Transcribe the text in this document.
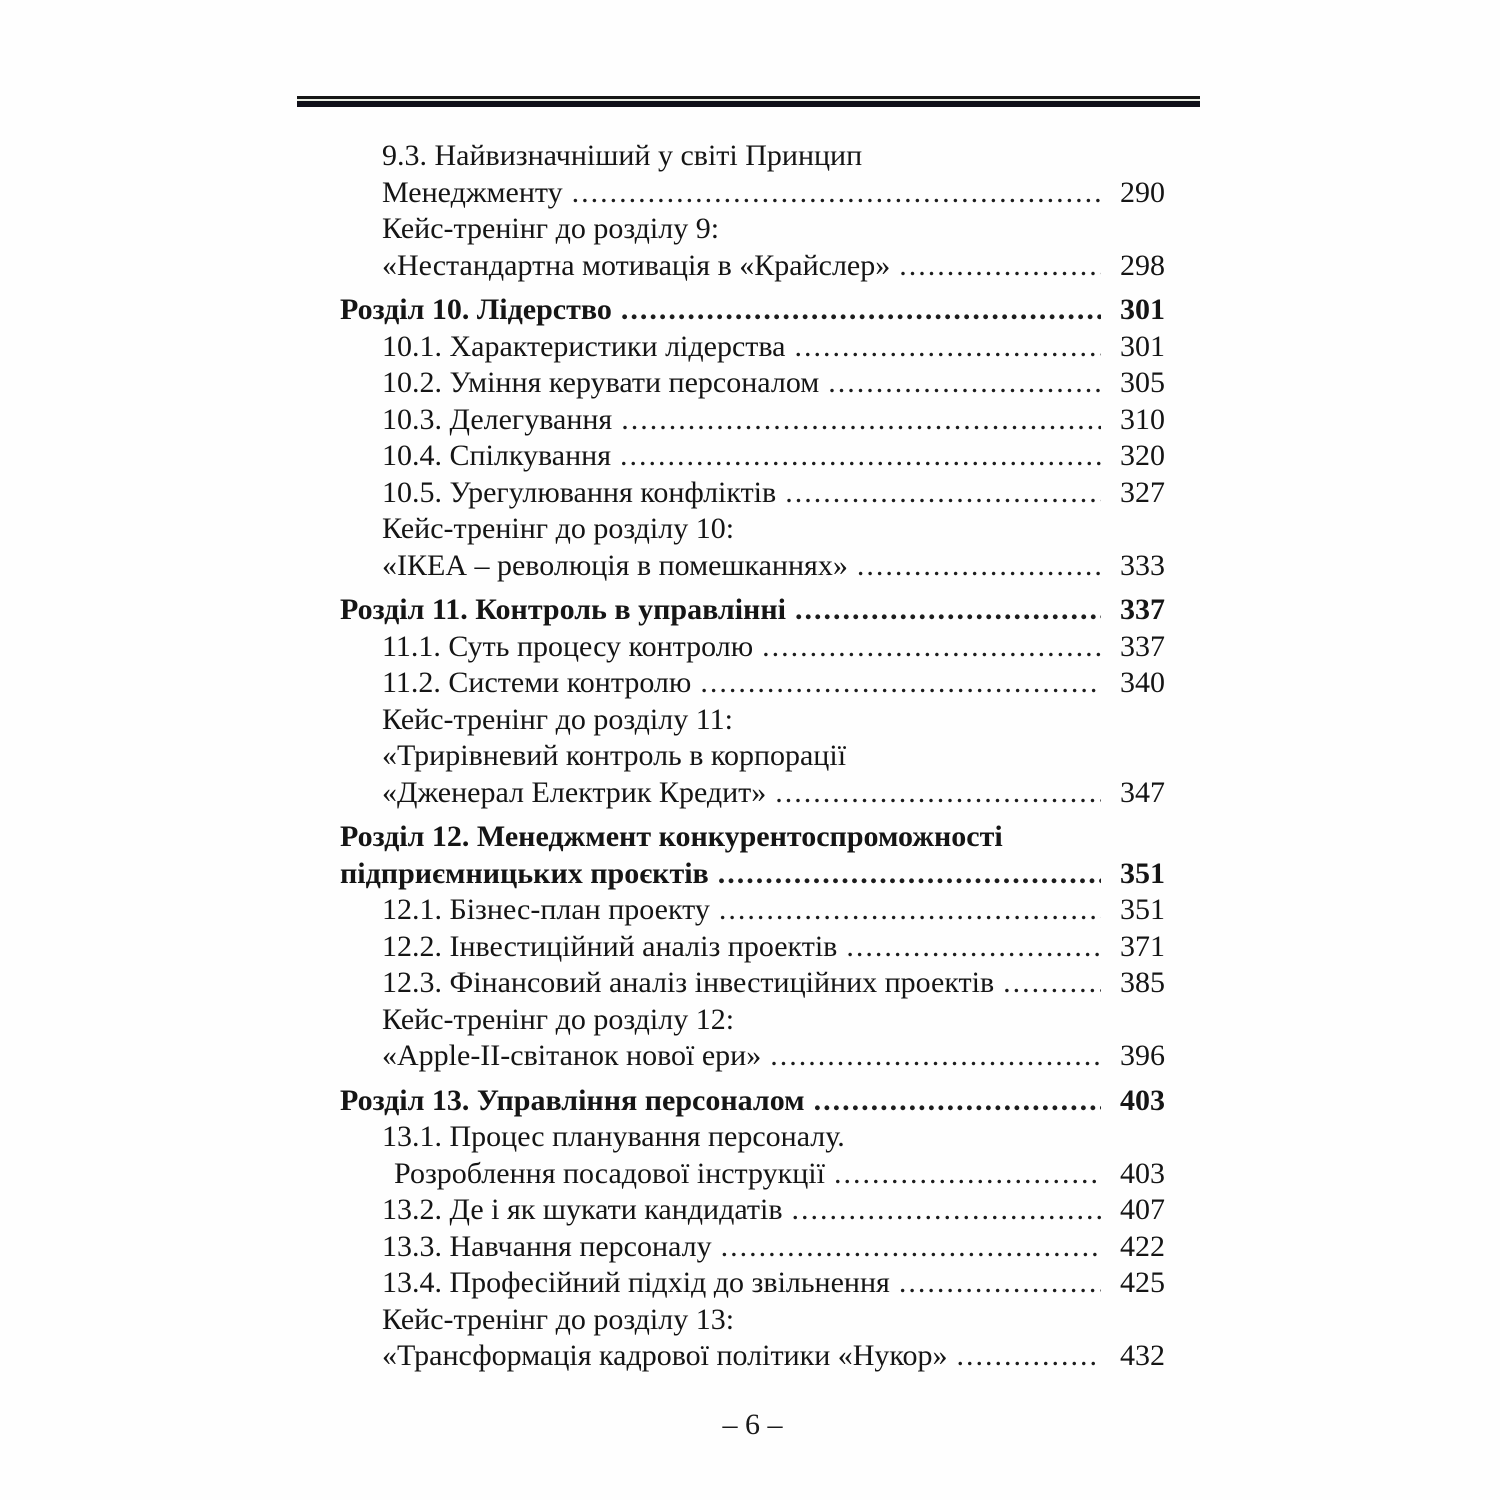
9.3. Найвизначніший у світі Принцип
Менеджменту .....	290
Кейс-тренінг до розділу 9:
«Нестандартна мотивація в «Крайслер» .....	298
Розділ 10. Лідерство .....	301
10.1. Характеристики лідерства .....	301
10.2. Уміння керувати персоналом .....	305
10.3. Делегування .....	310
10.4. Спілкування .....	320
10.5. Урегулювання конфліктів .....	327
Кейс-тренінг до розділу 10:
«ІКЕА – революція в помешканнях» .....	333
Розділ 11. Контроль в управлінні .....	337
11.1. Суть процесу контролю .....	337
11.2. Системи контролю .....	340
Кейс-тренінг до розділу 11:
«Трирівневий контроль в корпорації
«Дженерал Електрик Кредит» .....	347
Розділ 12. Менеджмент конкурентоспроможності
підприємницьких проєктів .....	351
12.1. Бізнес-план проекту .....	351
12.2. Інвестиційний аналіз проектів .....	371
12.3. Фінансовий аналіз інвестиційних проектів .....	385
Кейс-тренінг до розділу 12:
«Apple-II-світанок нової ери» .....	396
Розділ 13. Управління персоналом .....	403
13.1. Процес планування персоналу.
Розроблення посадової інструкції .....	403
13.2. Де і як шукати кандидатів .....	407
13.3. Навчання персоналу .....	422
13.4. Професійний підхід до звільнення .....	425
Кейс-тренінг до розділу 13:
«Трансформація кадрової політики «Нукор» .....	432
– 6 –
